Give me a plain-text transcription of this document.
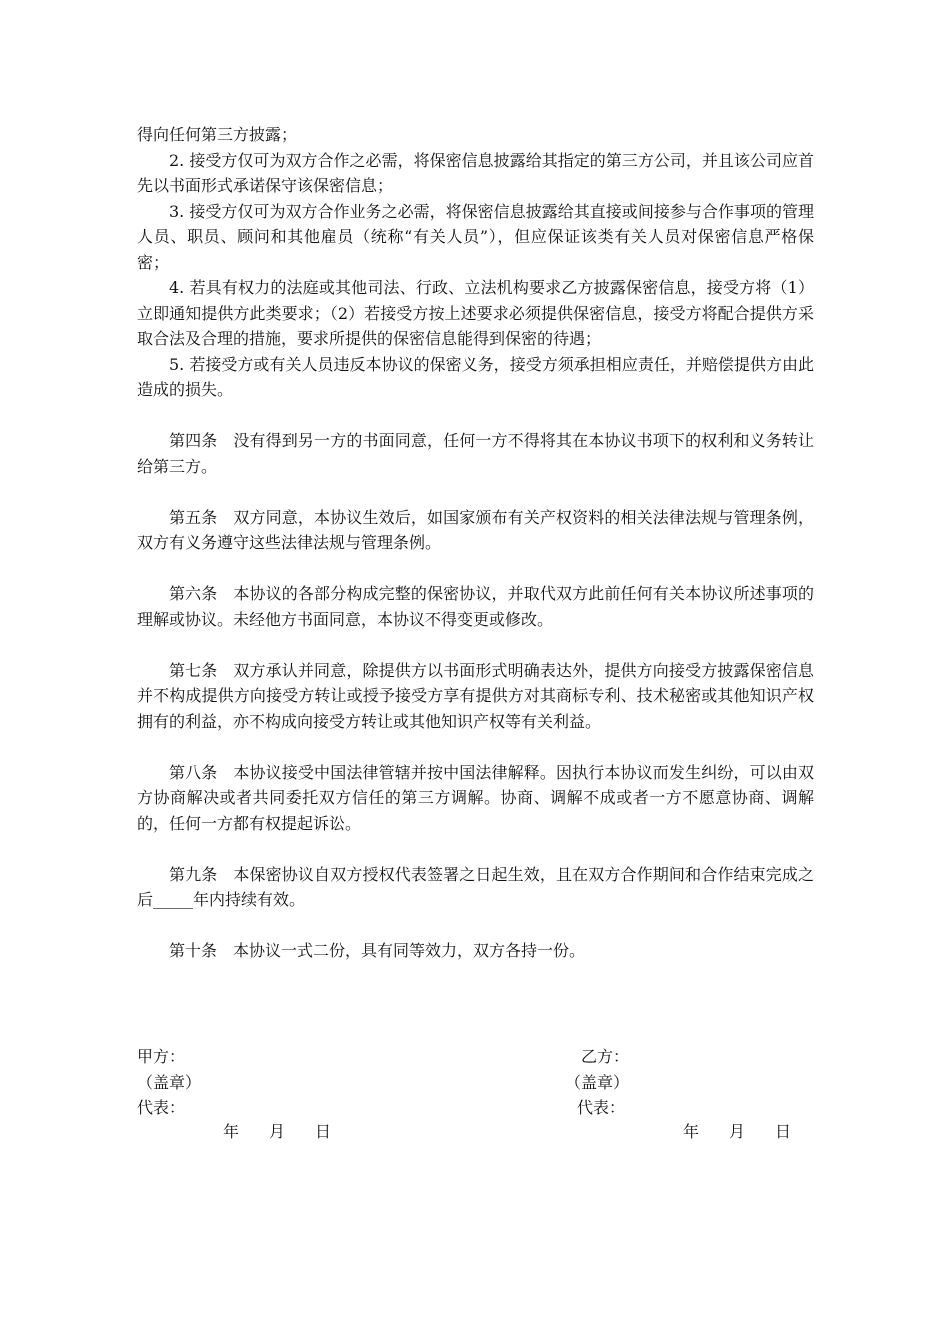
得向任何第三方披露；

2. 接受方仅可为双方合作之必需，将保密信息披露给其指定的第三方公司，并且该公司应首先以书面形式承诺保守该保密信息；

3. 接受方仅可为双方合作业务之必需，将保密信息披露给其直接或间接参与合作事项的管理人员、职员、顾问和其他雇员（统称“有关人员”），但应保证该类有关人员对保密信息严格保密；

4. 若具有权力的法庭或其他司法、行政、立法机构要求乙方披露保密信息，接受方将（1）立即通知提供方此类要求；（2）若接受方按上述要求必须提供保密信息，接受方将配合提供方采取合法及合理的措施，要求所提供的保密信息能得到保密的待遇；

5. 若接受方或有关人员违反本协议的保密义务，接受方须承担相应责任，并赔偿提供方由此造成的损失。

第四条 没有得到另一方的书面同意，任何一方不得将其在本协议书项下的权利和义务转让给第三方。

第五条 双方同意，本协议生效后，如国家颁布有关产权资料的相关法律法规与管理条例，双方有义务遵守这些法律法规与管理条例。

第六条 本协议的各部分构成完整的保密协议，并取代双方此前任何有关本协议所述事项的理解或协议。未经他方书面同意，本协议不得变更或修改。

第七条 双方承认并同意，除提供方以书面形式明确表达外，提供方向接受方披露保密信息并不构成提供方向接受方转让或授予接受方享有提供方对其商标专利、技术秘密或其他知识产权拥有的利益，亦不构成向接受方转让或其他知识产权等有关利益。

第八条 本协议接受中国法律管辖并按中国法律解释。因执行本协议而发生纠纷，可以由双方协商解决或者共同委托双方信任的第三方调解。协商、调解不成或者一方不愿意协商、调解的，任何一方都有权提起诉讼。

第九条 本保密协议自双方授权代表签署之日起生效，且在双方合作期间和合作结束完成之后_____年内持续有效。

第十条 本协议一式二份，具有同等效力，双方各持一份。

甲方：
（盖章）
代表：
乙方：
（盖章）
代表：
年 月 日	年 月 日
